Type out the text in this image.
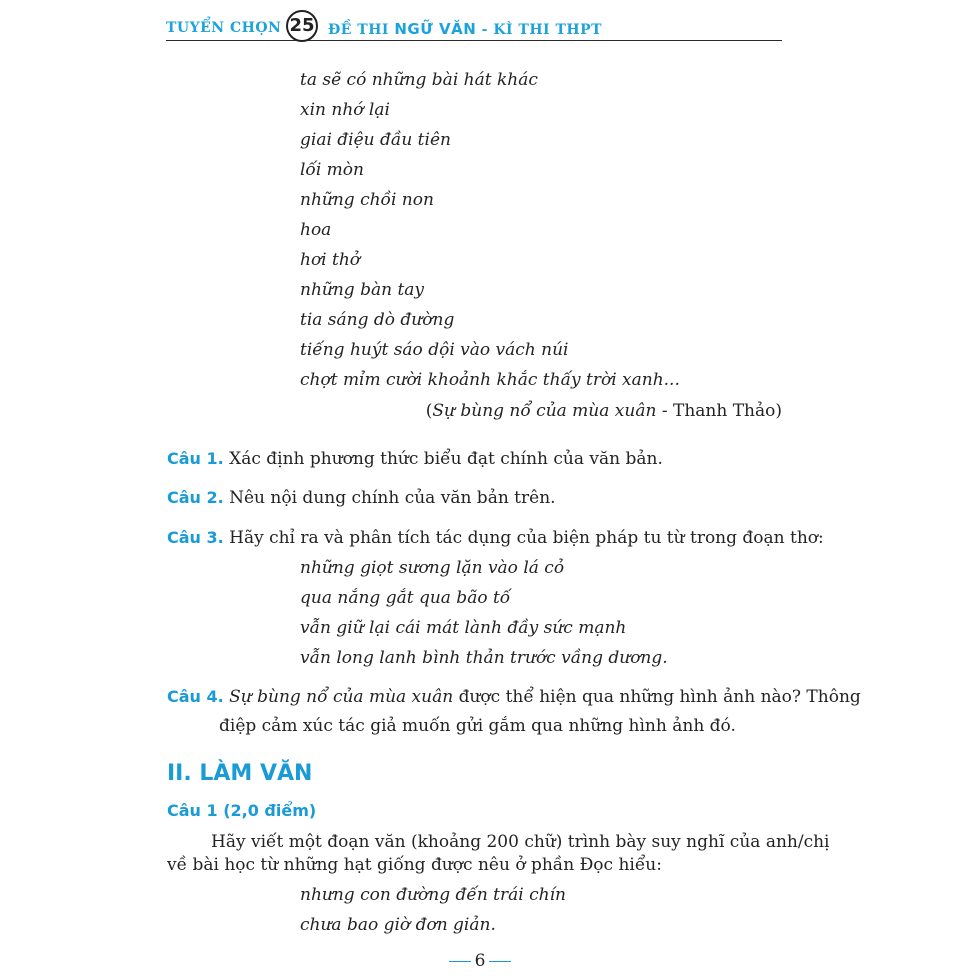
TUYỂN CHỌN 25 ĐỀ THI NGỮ VĂN - KÌ THI THPT
ta sẽ có những bài hát khác
xin nhớ lại
giai điệu đầu tiên
lối mòn
những chồi non
hoa
hơi thở
những bàn tay
tia sáng dò đường
tiếng huýt sáo dội vào vách núi
chợt mỉm cười khoảnh khắc thấy trời xanh...
(Sự bùng nổ của mùa xuân - Thanh Thảo)
Câu 1. Xác định phương thức biểu đạt chính của văn bản.
Câu 2. Nêu nội dung chính của văn bản trên.
Câu 3. Hãy chỉ ra và phân tích tác dụng của biện pháp tu từ trong đoạn thơ:
những giọt sương lặn vào lá cỏ
qua nắng gắt qua bão tố
vẫn giữ lại cái mát lành đầy sức mạnh
vẫn long lanh bình thản trước vầng dương.
Câu 4. Sự bùng nổ của mùa xuân được thể hiện qua những hình ảnh nào? Thông
điệp cảm xúc tác giả muốn gửi gắm qua những hình ảnh đó.
II. LÀM VĂN
Câu 1 (2,0 điểm)
Hãy viết một đoạn văn (khoảng 200 chữ) trình bày suy nghĩ của anh/chị
về bài học từ những hạt giống được nêu ở phần Đọc hiểu:
nhưng con đường đến trái chín
chưa bao giờ đơn giản.
6
